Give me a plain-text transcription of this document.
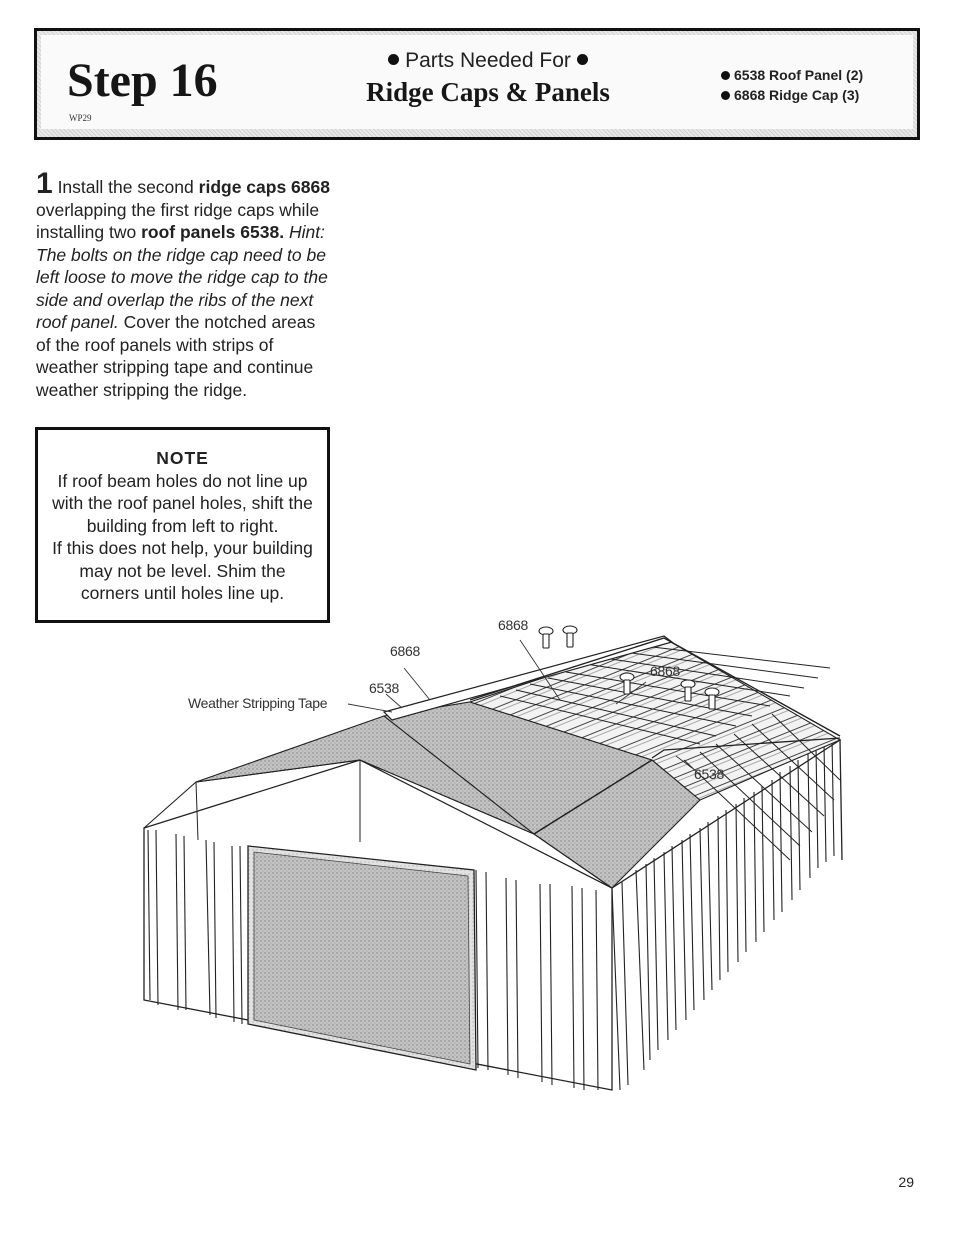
Step 16
WP29
Parts Needed For
Ridge Caps & Panels
6538 Roof Panel (2)
6868 Ridge Cap (3)
1 Install the second ridge caps 6868 overlapping the first ridge caps while installing two roof panels 6538. Hint: The bolts on the ridge cap need to be left loose to move the ridge cap to the side and overlap the ribs of the next roof panel. Cover the notched areas of the roof panels with strips of weather stripping tape and continue weather stripping the ridge.
NOTE
If roof beam holes do not line up
with the roof panel holes, shift the
building from left to right.
If this does not help, your building
may not be level. Shim the
corners until holes line up.
6868
6868
6538
Weather Stripping Tape
6868
6538
29
